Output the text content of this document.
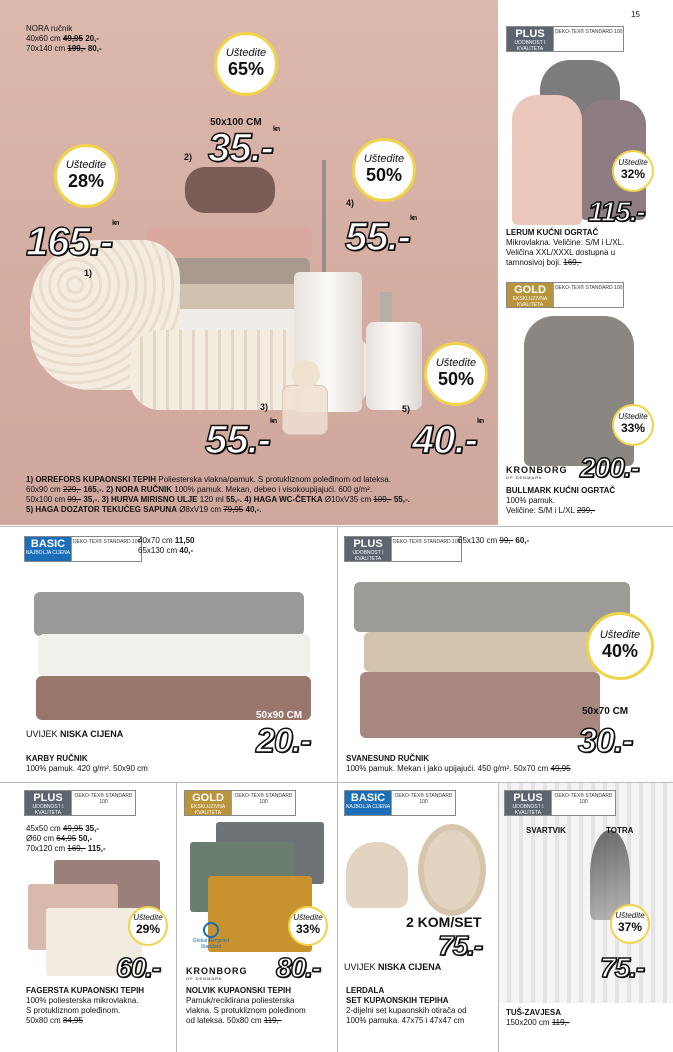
NORA ručnik
40x60 cm 49,95 20,-
70x140 cm 199,- 80,-	Uštedite
65%
Uštedite
28%
Uštedite
50%
Uštedite
50%
50x100 CM
35.-$^{kn}$
165.-$^{kn}$	55.-$^{kn}$
55.-$^{kn}$	40.-$^{kn}$
1)
2)
3)
4)
5)
1) ORREFORS KUPAONSKI TEPIH Poliesterska vlakna/pamuk. S protukliznom poleđinom od lateksa.
60x90 cm 229,- 165,-. 2) NORA RUČNIK 100% pamuk. Mekan, debeo i visokoupijajući. 600 g/m².
50x100 cm 99,- 35,-. 3) HURVA MIRISNO ULJE 120 ml 55,-. 4) HAGA WC-ČETKA Ø10xV35 cm 109,- 55,-.
5) HAGA DOZATOR TEKUĆEG SAPUNA Ø8xV19 cm 79,95 40,-.
15
PLUS
UDOBNOST I KVALITETA
OEKO-TEX® STANDARD 100
Uštedite
32%
115.-
LERUM KUĆNI OGRTAČ
Mikrovlakna. Veličine: S/M i L/XL.
Veličina XXL/XXXL dostupna u
tamnosivoj boji. 169,-
GOLD
EKSKLUZIVNA KVALITETA
OEKO-TEX® STANDARD 100
Uštedite
33%
KRONBORG
OF DENMARK	200.-
BULLMARK KUĆNI OGRTAČ
100% pamuk.
Veličine: S/M i L/XL 299,-
BASIC
NAJBOLJA CIJENA
OEKO-TEX® STANDARD 100
40x70 cm 11,50
65x130 cm 40,-
50x90 CM
UVIJEK NISKA CIJENA	20.-
KARBY RUČNIK
100% pamuk. 420 g/m². 50x90 cm
PLUS
UDOBNOST I KVALITETA
OEKO-TEX® STANDARD 100
65x130 cm 99,- 60,-
Uštedite
40%
50x70 CM
30.-
SVANESUND RUČNIK
100% pamuk. Mekan i jako upijajući. 450 g/m². 50x70 cm 49,95
PLUS
UDOBNOST I KVALITETA
OEKO-TEX® STANDARD 100
45x50 cm 49,95 35,-
Ø60 cm 64,95 50,-
70x120 cm 169,- 115,-
Uštedite
29%
60.-
FAGERSTA KUPAONSKI TEPIH
100% poliesterska mikrovlakna.
S protukliznom poleđinom.
50x80 cm 84,95
GOLD
EKSKLUZIVNA KVALITETA
OEKO-TEX® STANDARD 100
Global Recycled Standard
Uštedite
33%
KRONBORG
OF DENMARK	80.-
NOLVIK KUPAONSKI TEPIH
Pamuk/reciklirana poliesterska
vlakna. S protukliznom poleđinom
od lateksa. 50x80 cm 119,-
BASIC
NAJBOLJA CIJENA
OEKO-TEX® STANDARD 100
2 KOM/SET
UVIJEK NISKA CIJENA
75.-
LERDALA
SET KUPAONSKIH TEPIHA
2-dijelni set kupaonskih otirača od
100% pamuka. 47x75 i 47x47 cm
PLUS
UDOBNOST I KVALITETA
OEKO-TEX® STANDARD 100
SVARTVIK	TOTRA
Uštedite
37%
75.-
TUŠ-ZAVJESA
150x200 cm 119,-
